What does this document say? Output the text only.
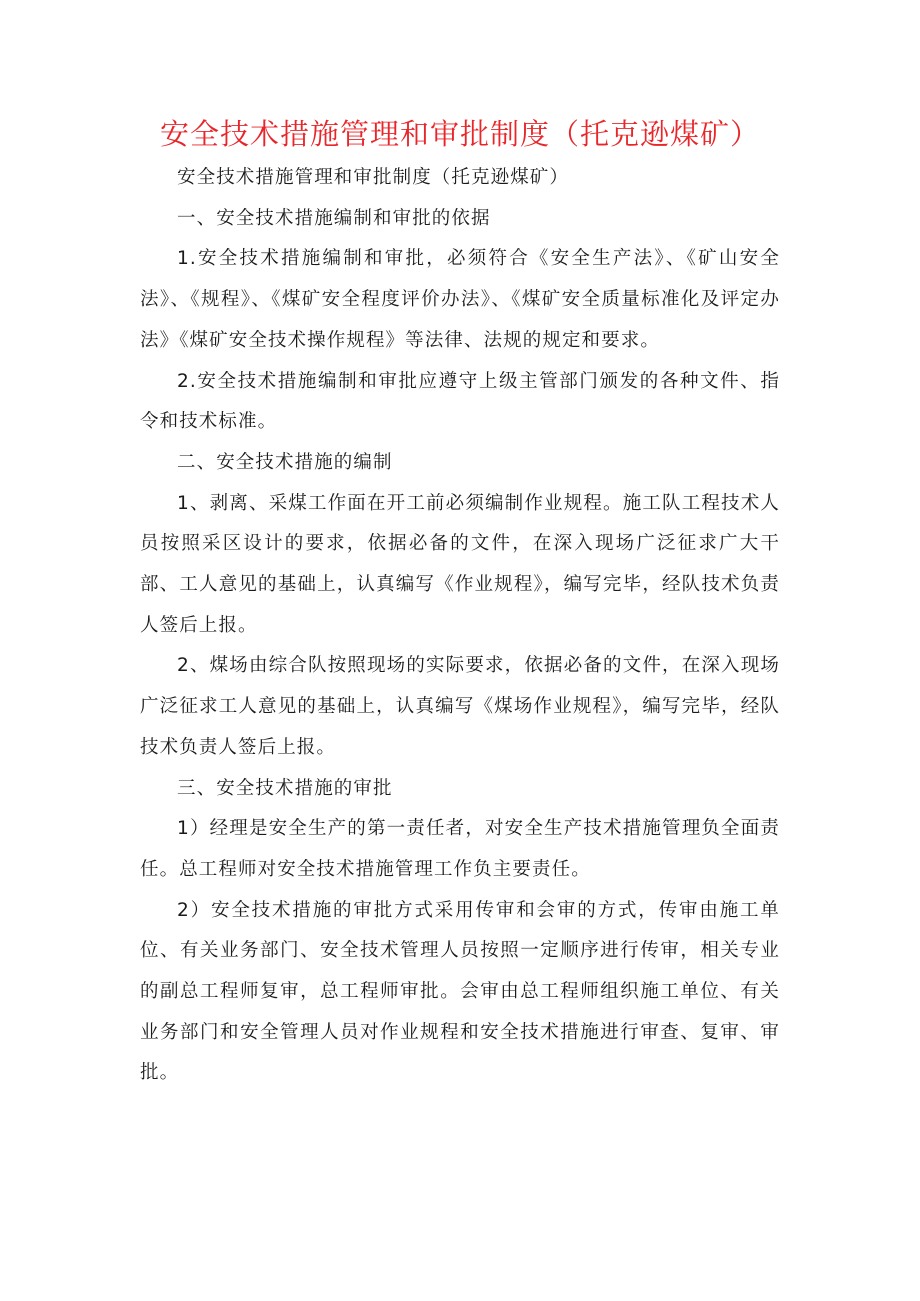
安全技术措施管理和审批制度（托克逊煤矿）

安全技术措施管理和审批制度（托克逊煤矿）

一、安全技术措施编制和审批的依据

1.安全技术措施编制和审批，必须符合《安全生产法》、《矿山安全法》、《规程》、《煤矿安全程度评价办法》、《煤矿安全质量标准化及评定办法》《煤矿安全技术操作规程》等法律、法规的规定和要求。

2.安全技术措施编制和审批应遵守上级主管部门颁发的各种文件、指令和技术标准。

二、安全技术措施的编制

1、剥离、采煤工作面在开工前必须编制作业规程。施工队工程技术人员按照采区设计的要求，依据必备的文件，在深入现场广泛征求广大干部、工人意见的基础上，认真编写《作业规程》，编写完毕，经队技术负责人签后上报。

2、煤场由综合队按照现场的实际要求，依据必备的文件，在深入现场广泛征求工人意见的基础上，认真编写《煤场作业规程》，编写完毕，经队技术负责人签后上报。

三、安全技术措施的审批

1）经理是安全生产的第一责任者，对安全生产技术措施管理负全面责任。总工程师对安全技术措施管理工作负主要责任。

2）安全技术措施的审批方式采用传审和会审的方式，传审由施工单位、有关业务部门、安全技术管理人员按照一定顺序进行传审，相关专业的副总工程师复审，总工程师审批。会审由总工程师组织施工单位、有关业务部门和安全管理人员对作业规程和安全技术措施进行审查、复审、审批。
